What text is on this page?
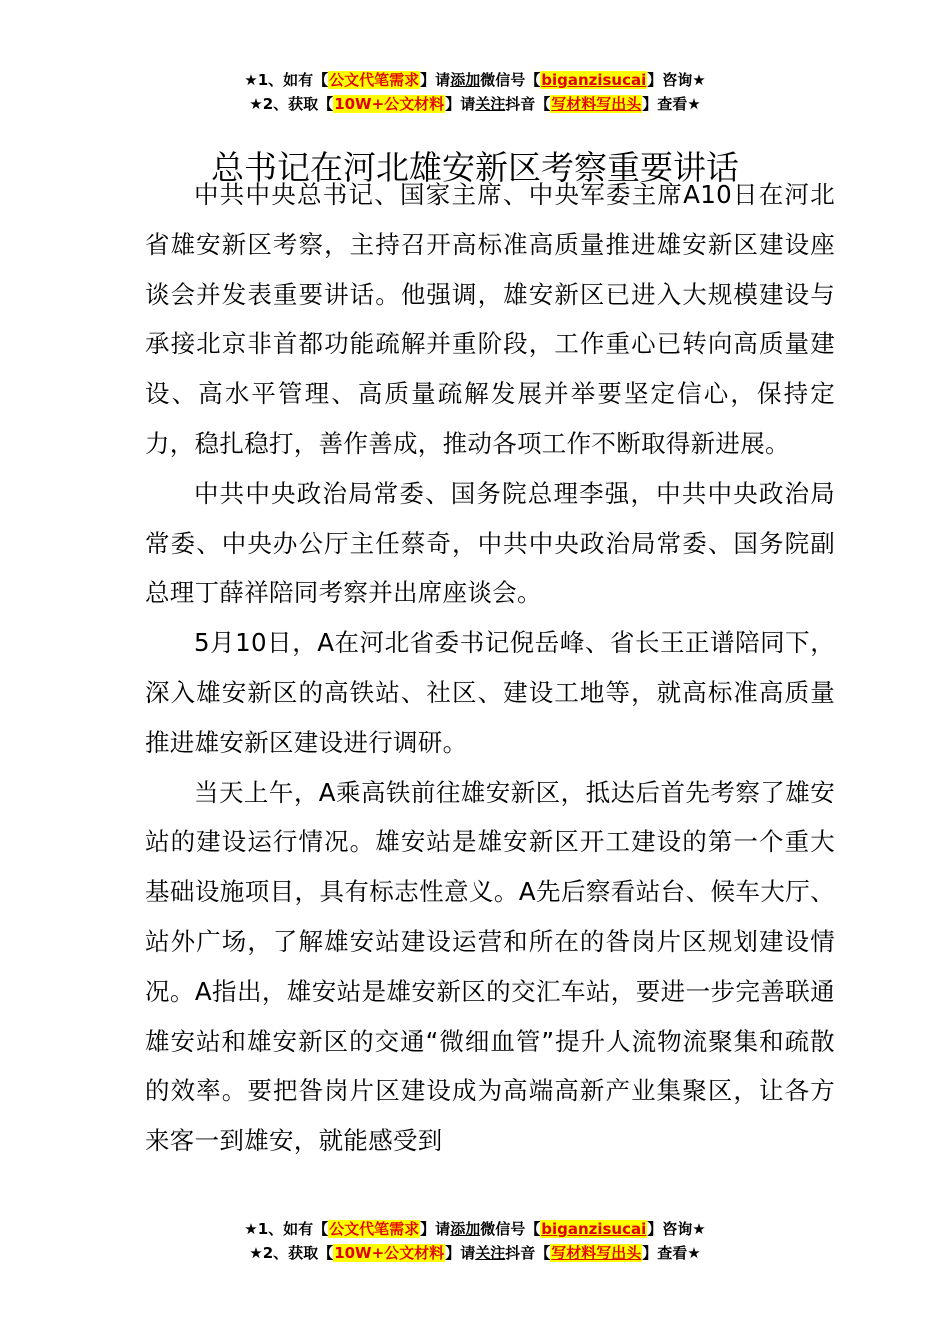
★1、如有【公文代笔需求】请添加微信号【biganzisucai】咨询★
★2、获取【10W+公文材料】请关注抖音【写材料写出头】查看★
总书记在河北雄安新区考察重要讲话

中共中央总书记、国家主席、中央军委主席A10日在河北省雄安新区考察，主持召开高标准高质量推进雄安新区建设座谈会并发表重要讲话。他强调，雄安新区已进入大规模建设与承接北京非首都功能疏解并重阶段，工作重心已转向高质量建设、高水平管理、高质量疏解发展并举要坚定信心，保持定力，稳扎稳打，善作善成，推动各项工作不断取得新进展。

中共中央政治局常委、国务院总理李强，中共中央政治局常委、中央办公厅主任蔡奇，中共中央政治局常委、国务院副总理丁薛祥陪同考察并出席座谈会。

5月10日，A在河北省委书记倪岳峰、省长王正谱陪同下，深入雄安新区的高铁站、社区、建设工地等，就高标准高质量推进雄安新区建设进行调研。

当天上午，A乘高铁前往雄安新区，抵达后首先考察了雄安站的建设运行情况。雄安站是雄安新区开工建设的第一个重大基础设施项目，具有标志性意义。A先后察看站台、候车大厅、站外广场，了解雄安站建设运营和所在的昝岗片区规划建设情况。A指出，雄安站是雄安新区的交汇车站，要进一步完善联通雄安站和雄安新区的交通“微细血管”提升人流物流聚集和疏散的效率。要把昝岗片区建设成为高端高新产业集聚区，让各方来客一到雄安，就能感受到

★1、如有【公文代笔需求】请添加微信号【biganzisucai】咨询★
★2、获取【10W+公文材料】请关注抖音【写材料写出头】查看★
